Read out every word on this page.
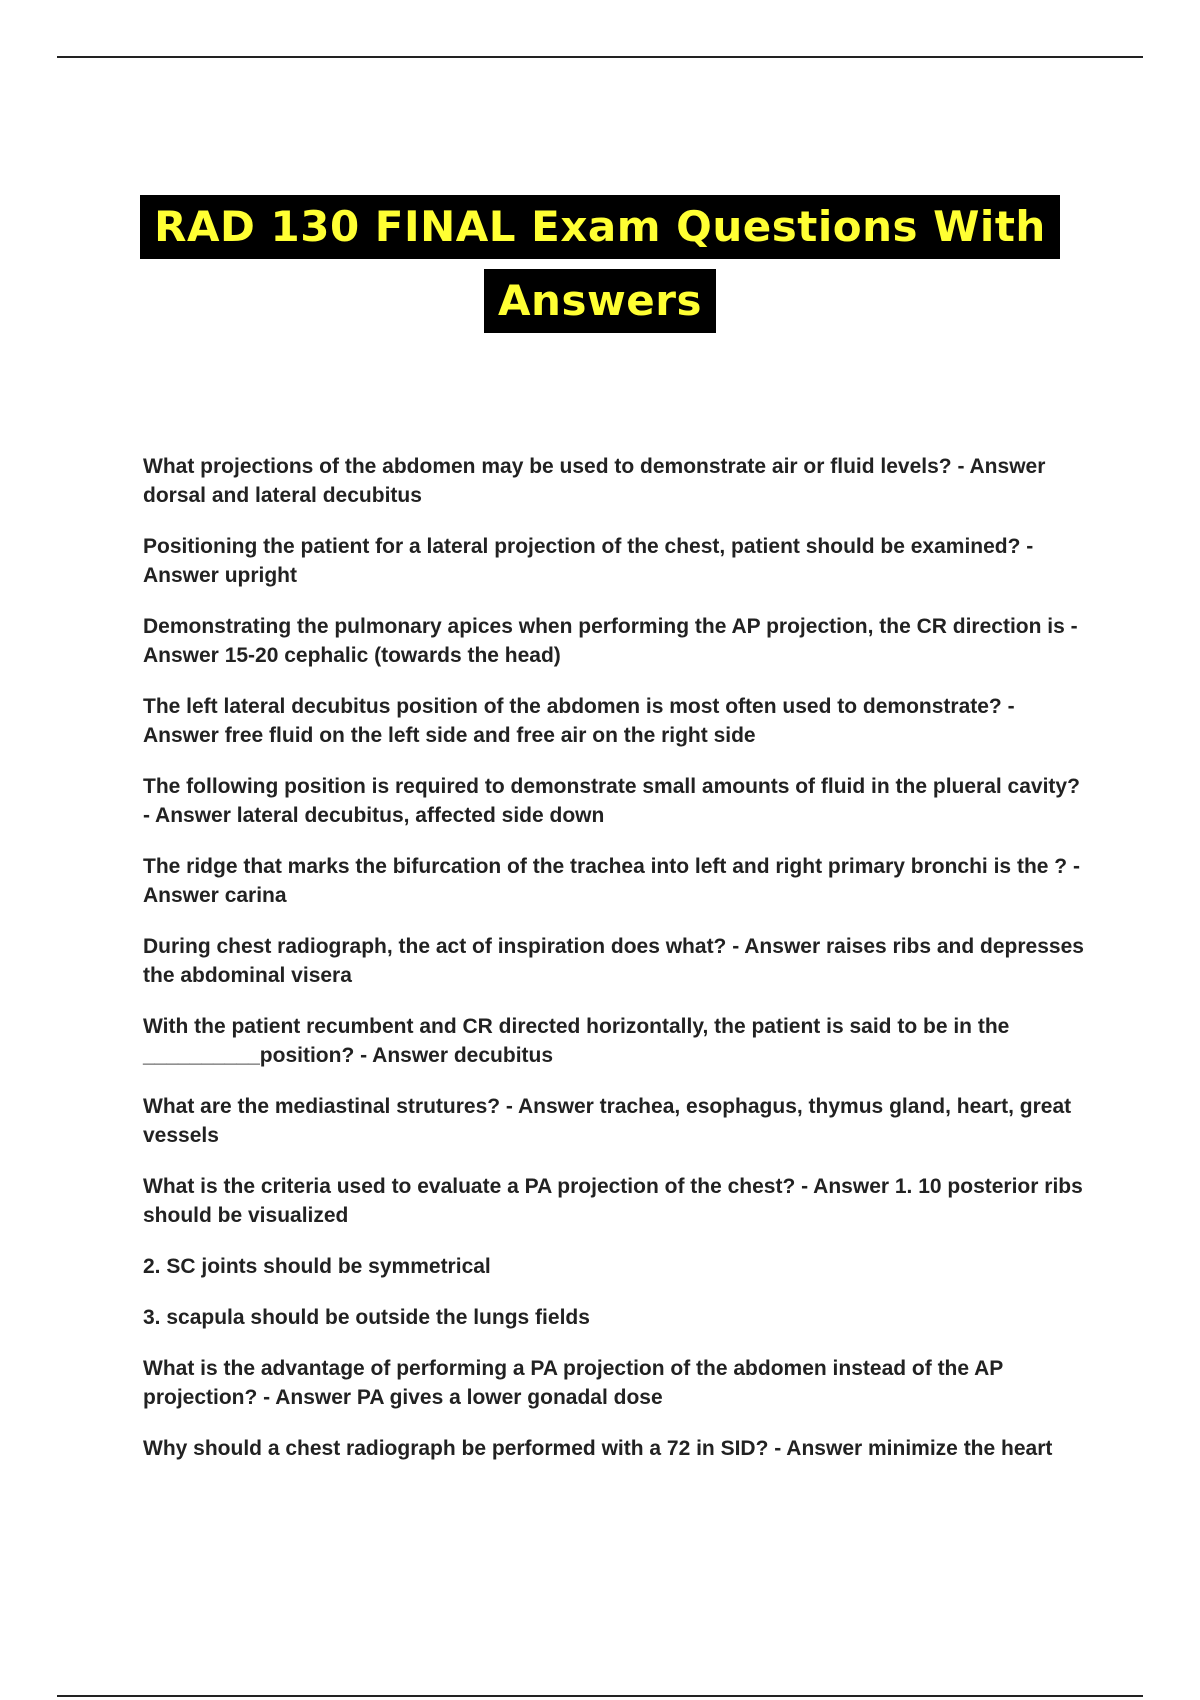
RAD 130 FINAL Exam Questions With
Answers
What projections of the abdomen may be used to demonstrate air or fluid levels? - Answer dorsal and lateral decubitus
Positioning the patient for a lateral projection of the chest, patient should be examined? - Answer upright
Demonstrating the pulmonary apices when performing the AP projection, the CR direction is - Answer 15-20 cephalic (towards the head)
The left lateral decubitus position of the abdomen is most often used to demonstrate? - Answer free fluid on the left side and free air on the right side
The following position is required to demonstrate small amounts of fluid in the plueral cavity? - Answer lateral decubitus, affected side down
The ridge that marks the bifurcation of the trachea into left and right primary bronchi is the ? - Answer carina
During chest radiograph, the act of inspiration does what? - Answer raises ribs and depresses the abdominal visera
With the patient recumbent and CR directed horizontally, the patient is said to be in the __________position? - Answer decubitus
What are the mediastinal strutures? - Answer trachea, esophagus, thymus gland, heart, great vessels
What is the criteria used to evaluate a PA projection of the chest? - Answer 1. 10 posterior ribs should be visualized
2. SC joints should be symmetrical
3. scapula should be outside the lungs fields
What is the advantage of performing a PA projection of the abdomen instead of the AP projection? - Answer PA gives a lower gonadal dose
Why should a chest radiograph be performed with a 72 in SID? - Answer minimize the heart
